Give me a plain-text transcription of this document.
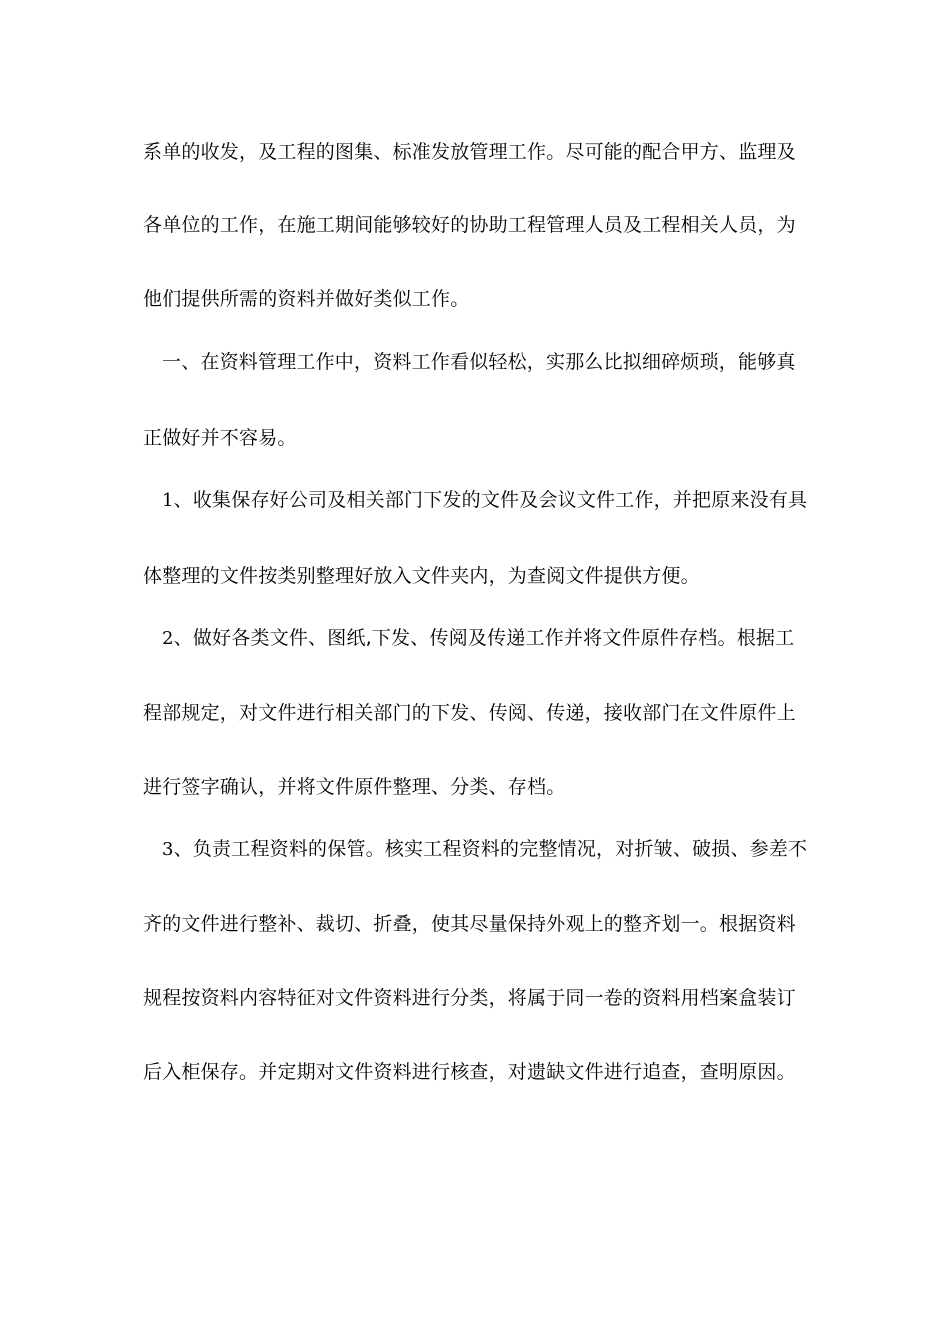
系单的收发，及工程的图集、标准发放管理工作。尽可能的配合甲方、监理及
各单位的工作，在施工期间能够较好的协助工程管理人员及工程相关人员，为
他们提供所需的资料并做好类似工作。
一、在资料管理工作中，资料工作看似轻松，实那么比拟细碎烦琐，能够真
正做好并不容易。
1、收集保存好公司及相关部门下发的文件及会议文件工作，并把原来没有具
体整理的文件按类别整理好放入文件夹内，为查阅文件提供方便。
2、做好各类文件、图纸,下发、传阅及传递工作并将文件原件存档。根据工
程部规定，对文件进行相关部门的下发、传阅、传递，接收部门在文件原件上
进行签字确认，并将文件原件整理、分类、存档。
3、负责工程资料的保管。核实工程资料的完整情况，对折皱、破损、参差不
齐的文件进行整补、裁切、折叠，使其尽量保持外观上的整齐划一。根据资料
规程按资料内容特征对文件资料进行分类，将属于同一卷的资料用档案盒装订
后入柜保存。并定期对文件资料进行核查，对遗缺文件进行追查，查明原因。
